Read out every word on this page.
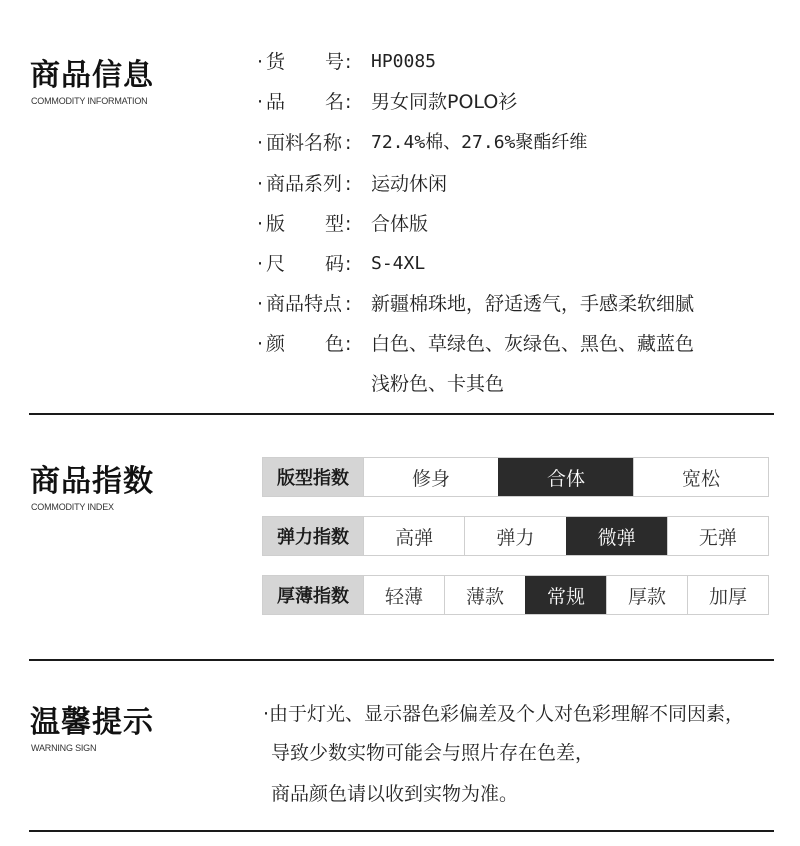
商品信息
COMMODITY INFORMATION
· 货 号 : HP0085
· 品 名 : 男女同款POLO衫
· 面料名称 : 72.4%棉、27.6%聚酯纤维
· 商品系列 : 运动休闲
· 版 型 : 合体版
· 尺 码 : S-4XL
· 商品特点 : 新疆棉珠地，舒适透气，手感柔软细腻
· 颜 色 : 白色、草绿色、灰绿色、黑色、藏蓝色
浅粉色、卡其色
商品指数
COMMODITY INDEX
版型指数	修身	合体	宽松
弹力指数	高弹	弹力	微弹	无弹
厚薄指数	轻薄	薄款	常规	厚款	加厚
温馨提示
WARNING SIGN
·由于灯光、显示器色彩偏差及个人对色彩理解不同因素，
导致少数实物可能会与照片存在色差，
商品颜色请以收到实物为准。
